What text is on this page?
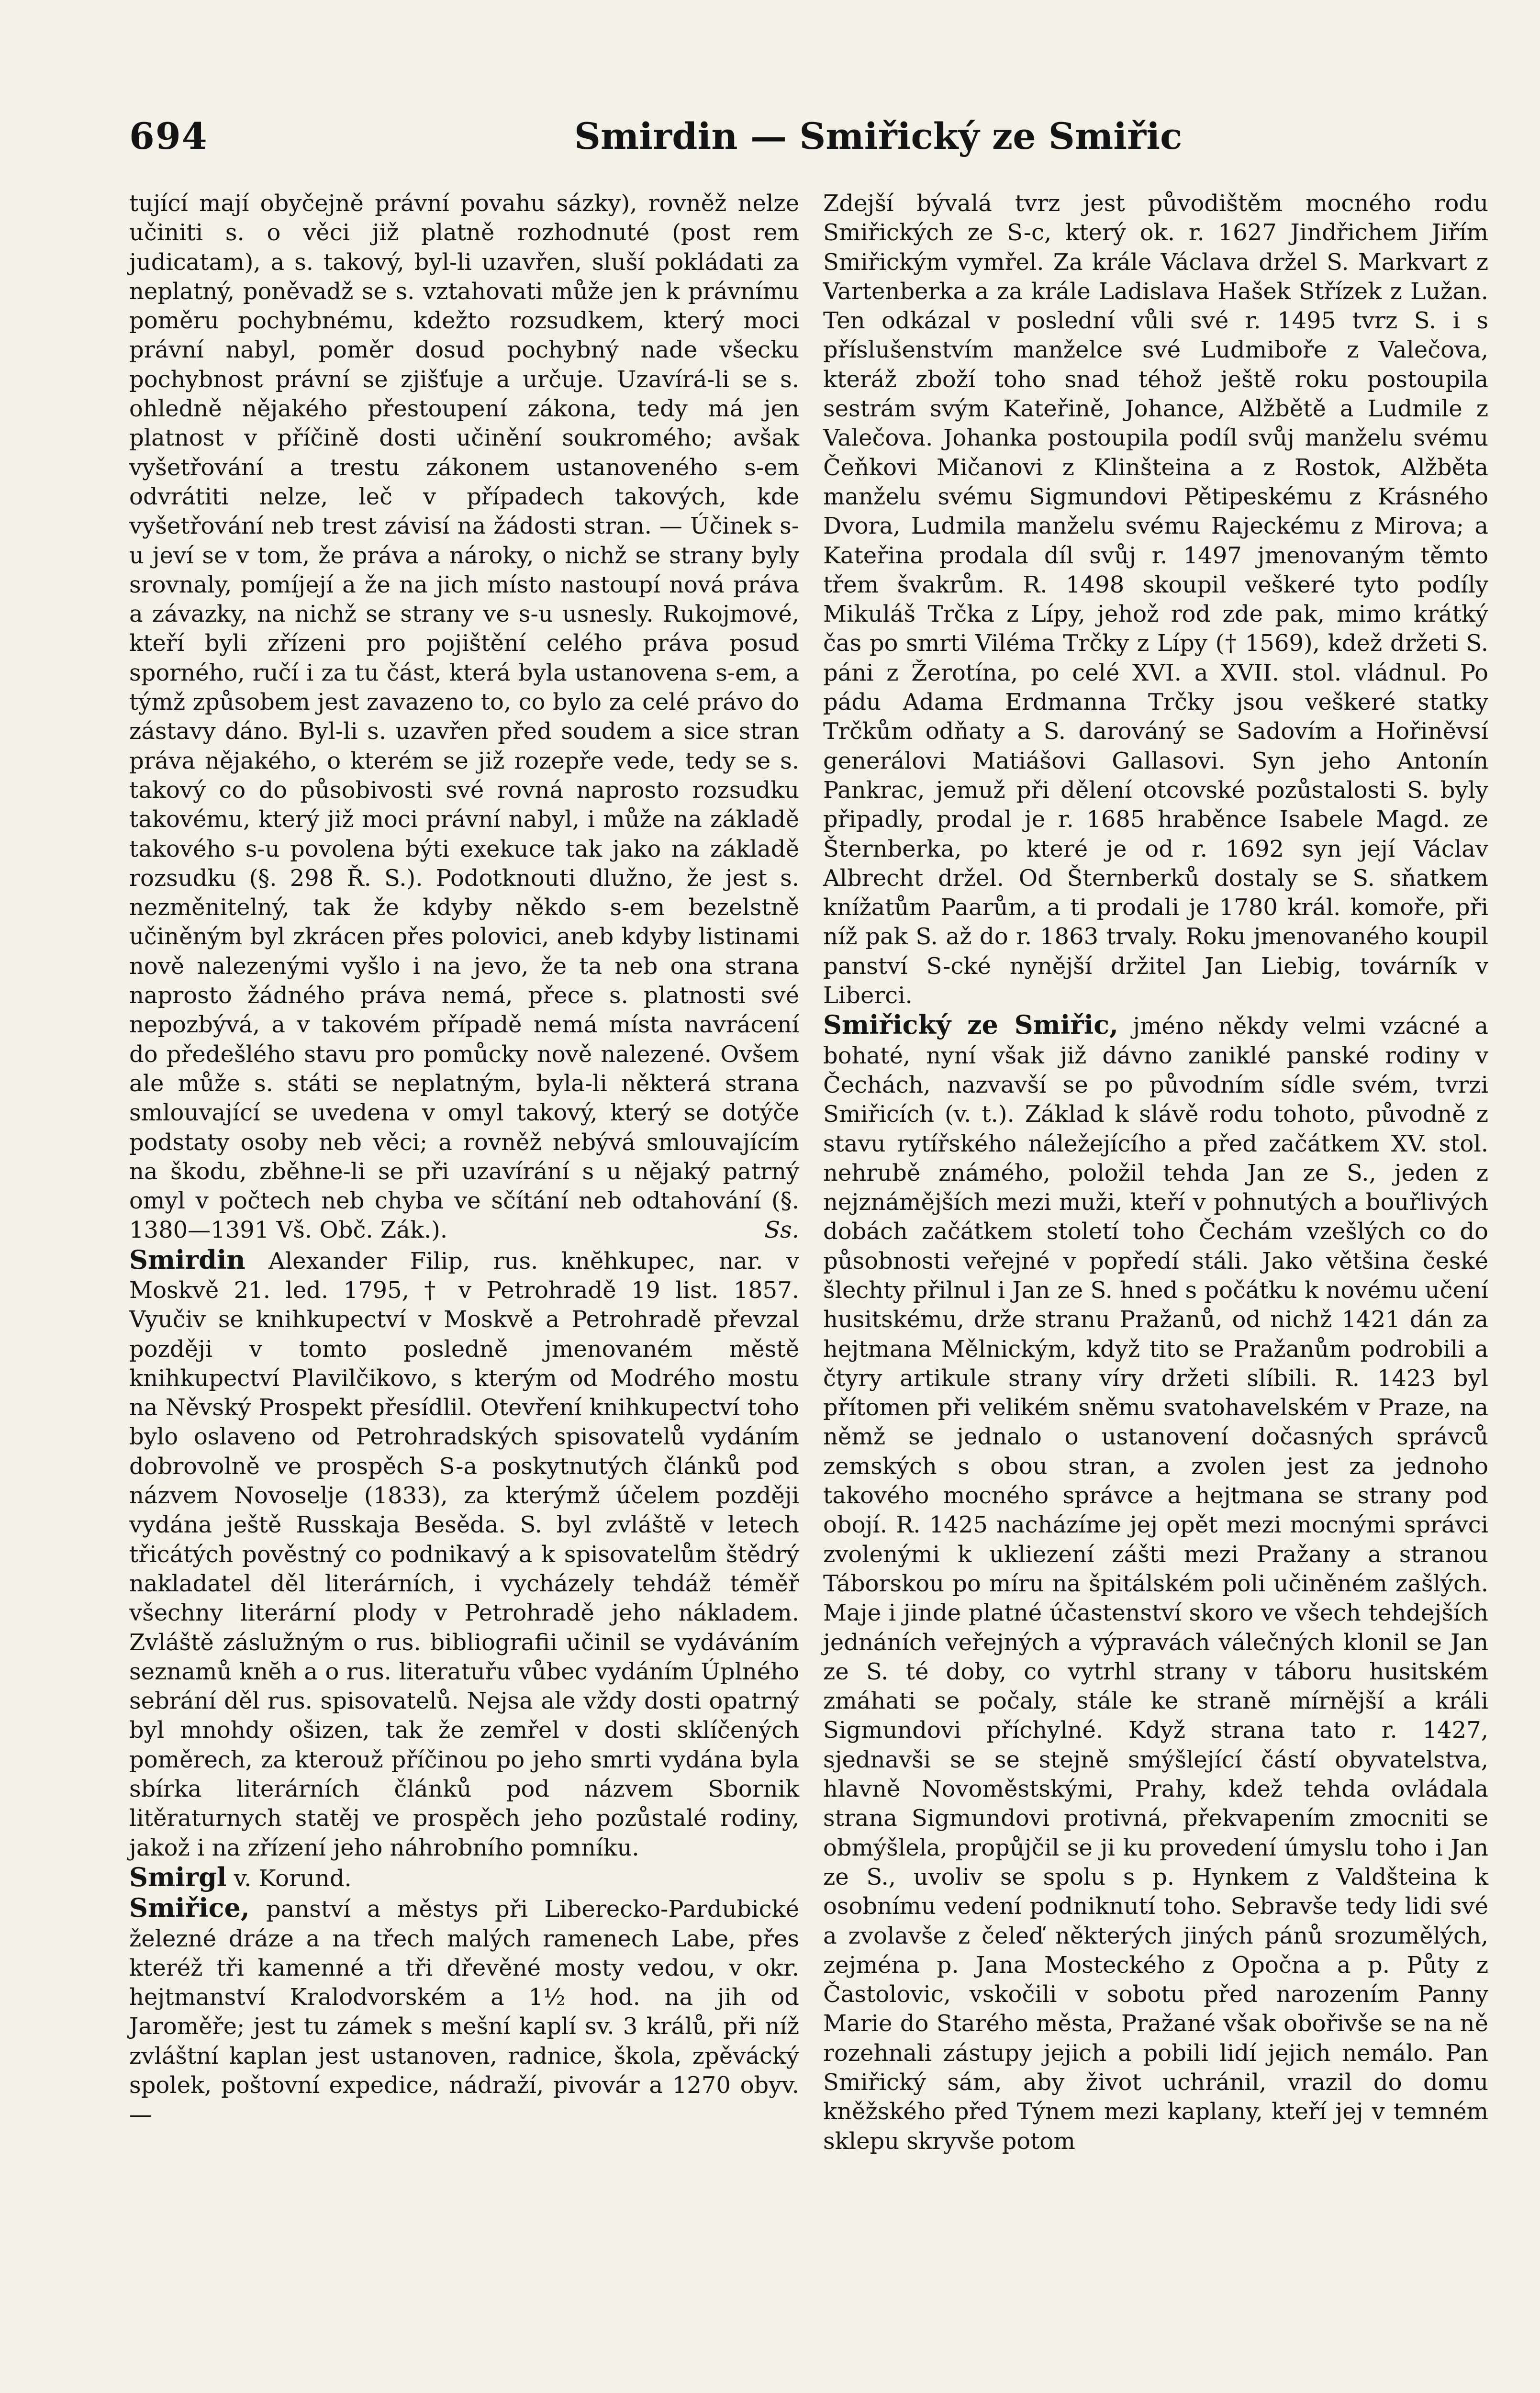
694	Smirdin — Smiřický ze Smiřic

tující mají obyčejně právní povahu sázky), rovněž nelze učiniti s. o věci již platně rozhodnuté (post rem judicatam), a s. takový, byl-li uzavřen, sluší pokládati za neplatný, poněvadž se s. vztahovati může jen k právnímu poměru pochybnému, kdežto rozsudkem, který moci právní nabyl, poměr dosud pochybný nade všecku pochybnost právní se zjišťuje a určuje. Uzavírá-li se s. ohledně nějakého přestoupení zákona, tedy má jen platnost v příčině dosti učinění soukromého; avšak vyšetřování a trestu zákonem ustanoveného s-em odvrátiti nelze, leč v případech takových, kde vyšetřování neb trest závisí na žádosti stran. — Účinek s-u jeví se v tom, že práva a nároky, o nichž se strany byly srovnaly, pomíjejí a že na jich místo nastoupí nová práva a závazky, na nichž se strany ve s-u usnesly. Rukojmové, kteří byli zřízeni pro pojištění celého práva posud sporného, ručí i za tu část, která byla ustanovena s-em, a týmž způsobem jest zavazeno to, co bylo za celé právo do zástavy dáno. Byl-li s. uzavřen před soudem a sice stran práva nějakého, o kterém se již rozepře vede, tedy se s. takový co do působivosti své rovná naprosto rozsudku takovému, který již moci právní nabyl, i může na základě takového s-u povolena býti exekuce tak jako na základě rozsudku (§. 298 Ř. S.). Podotknouti dlužno, že jest s. nezměnitelný, tak že kdyby někdo s-em bezelstně učiněným byl zkrácen přes polovici, aneb kdyby listinami nově nalezenými vyšlo i na jevo, že ta neb ona strana naprosto žádného práva nemá, přece s. platnosti své nepozbývá, a v takovém případě nemá místa navrácení do předešlého stavu pro pomůcky nově nalezené. Ovšem ale může s. státi se neplatným, byla-li některá strana smlouvající se uvedena v omyl takový, který se dotýče podstaty osoby neb věci; a rovněž nebývá smlouvajícím na škodu, zběhne-li se při uzavírání s u nějaký patrný omyl v počtech neb chyba ve sčítání neb odtahování (§. 1380—1391 Vš. Obč. Zák.).	Ss.

Smirdin Alexander Filip, rus. knĕhkupec, nar. v Moskvě 21. led. 1795, † v Petrohradě 19 list. 1857. Vyučiv se knihkupectví v Moskvě a Petrohradě převzal později v tomto posledně jmenovaném městě knihkupectví Plavilčikovo, s kterým od Modrého mostu na Něvský Prospekt přesídlil. Otevření knihkupectví toho bylo oslaveno od Petrohradských spisovatelů vydáním dobrovolně ve prospěch S-a poskytnutých článků pod názvem Novoselje (1833), za kterýmž účelem později vydána ještě Russkaja Besěda. S. byl zvláště v letech třicátých pověstný co podnikavý a k spisovatelům štědrý nakladatel děl literárních, i vycházely tehdáž téměř všechny literární plody v Petrohradě jeho nákladem. Zvláště záslužným o rus. bibliografii učinil se vydáváním seznamů knĕh a o rus. literatuřu vůbec vydáním Úplného sebrání děl rus. spisovatelů. Nejsa ale vždy dosti opatrný byl mnohdy ošizen, tak že zemřel v dosti sklíčených poměrech, za kterouž příčinou po jeho smrti vydána byla sbírka literárních článků pod názvem Sbornik litěraturnych statěj ve prospěch jeho pozůstalé rodiny, jakož i na zřízení jeho náhrobního pomníku.

Smirgl v. Korund.

Smiřice, panství a městys při Liberecko-Pardubické železné dráze a na třech malých ramenech Labe, přes kteréž tři kamenné a tři dřevěné mosty vedou, v okr. hejtmanství Kralodvorském a 1½ hod. na jih od Jaroměře; jest tu zámek s mešní kaplí sv. 3 králů, při níž zvláštní kaplan jest ustanoven, radnice, škola, zpěvácký spolek, poštovní expedice, nádraží, pivovár a 1270 obyv. —

Zdejší bývalá tvrz jest původištěm mocného rodu Smiřických ze S-c, který ok. r. 1627 Jindřichem Jiřím Smiřickým vymřel. Za krále Václava držel S. Markvart z Vartenberka a za krále Ladislava Hašek Střízek z Lužan. Ten odkázal v poslední vůli své r. 1495 tvrz S. i s příslušenstvím manželce své Ludmiboře z Valečova, kteráž zboží toho snad téhož ještě roku postoupila sestrám svým Kateřině, Johance, Alžbětě a Ludmile z Valečova. Johanka postoupila podíl svůj manželu svému Čeňkovi Mičanovi z Klinšteina a z Rostok, Alžběta manželu svému Sigmundovi Pětipeskému z Krásného Dvora, Ludmila manželu svému Rajeckému z Mirova; a Kateřina prodala díl svůj r. 1497 jmenovaným těmto třem švakrům. R. 1498 skoupil veškeré tyto podíly Mikuláš Trčka z Lípy, jehož rod zde pak, mimo krátký čas po smrti Viléma Trčky z Lípy († 1569), kdež držeti S. páni z Žerotína, po celé XVI. a XVII. stol. vládnul. Po pádu Adama Erdmanna Trčky jsou veškeré statky Trčkům odňaty a S. darováný se Sadovím a Hořiněvsí generálovi Matiášovi Gallasovi. Syn jeho Antonín Pankrac, jemuž při dělení otcovské pozůstalosti S. byly připadly, prodal je r. 1685 hraběnce Isabele Magd. ze Šternberka, po které je od r. 1692 syn její Václav Albrecht držel. Od Šternberků dostaly se S. sňatkem knížatům Paarům, a ti prodali je 1780 král. komoře, při níž pak S. až do r. 1863 trvaly. Roku jmenovaného koupil panství S-cké nynější držitel Jan Liebig, továrník v Liberci.

Smiřický ze Smiřic, jméno někdy velmi vzácné a bohaté, nyní však již dávno zaniklé panské rodiny v Čechách, nazvavší se po původním sídle svém, tvrzi Smiřicích (v. t.). Základ k slávě rodu tohoto, původně z stavu rytířského náležejícího a před začátkem XV. stol. nehrubě známého, položil tehda Jan ze S., jeden z nejznámějších mezi muži, kteří v pohnutých a bouřlivých dobách začátkem století toho Čechám vzešlých co do působnosti veřejné v popředí stáli. Jako většina české šlechty přilnul i Jan ze S. hned s počátku k novému učení husitskému, drže stranu Pražanů, od nichž 1421 dán za hejtmana Mělnickým, když tito se Pražanům podrobili a čtyry artikule strany víry držeti slíbili. R. 1423 byl přítomen při velikém sněmu svatohavelském v Praze, na němž se jednalo o ustanovení dočasných správců zemských s obou stran, a zvolen jest za jednoho takového mocného správce a hejtmana se strany pod obojí. R. 1425 nacházíme jej opět mezi mocnými správci zvolenými k ukliezení zášti mezi Pražany a stranou Táborskou po míru na špitálském poli učiněném zašlých. Maje i jinde platné účastenství skoro ve všech tehdejších jednáních veřejných a výpravách válečných klonil se Jan ze S. té doby, co vytrhl strany v táboru husitském zmáhati se počaly, stále ke straně mírnější a králi Sigmundovi příchylné. Když strana tato r. 1427, sjednavši se se stejně smýšlející částí obyvatelstva, hlavně Novoměstskými, Prahy, kdež tehda ovládala strana Sigmundovi protivná, překvapením zmocniti se obmýšlela, propůjčil se ji ku provedení úmyslu toho i Jan ze S., uvoliv se spolu s p. Hynkem z Valdšteina k osobnímu vedení podniknutí toho. Sebravše tedy lidi své a zvolavše z čeleď některých jiných pánů srozumělých, zejména p. Jana Mosteckého z Opočna a p. Půty z Častolovic, vskočili v sobotu před narozením Panny Marie do Starého města, Pražané však obořivše se na ně rozehnali zástupy jejich a pobili lidí jejich nemálo. Pan Smiřický sám, aby život uchránil, vrazil do domu kněžského před Týnem mezi kaplany, kteří jej v temném sklepu skryvše potom
